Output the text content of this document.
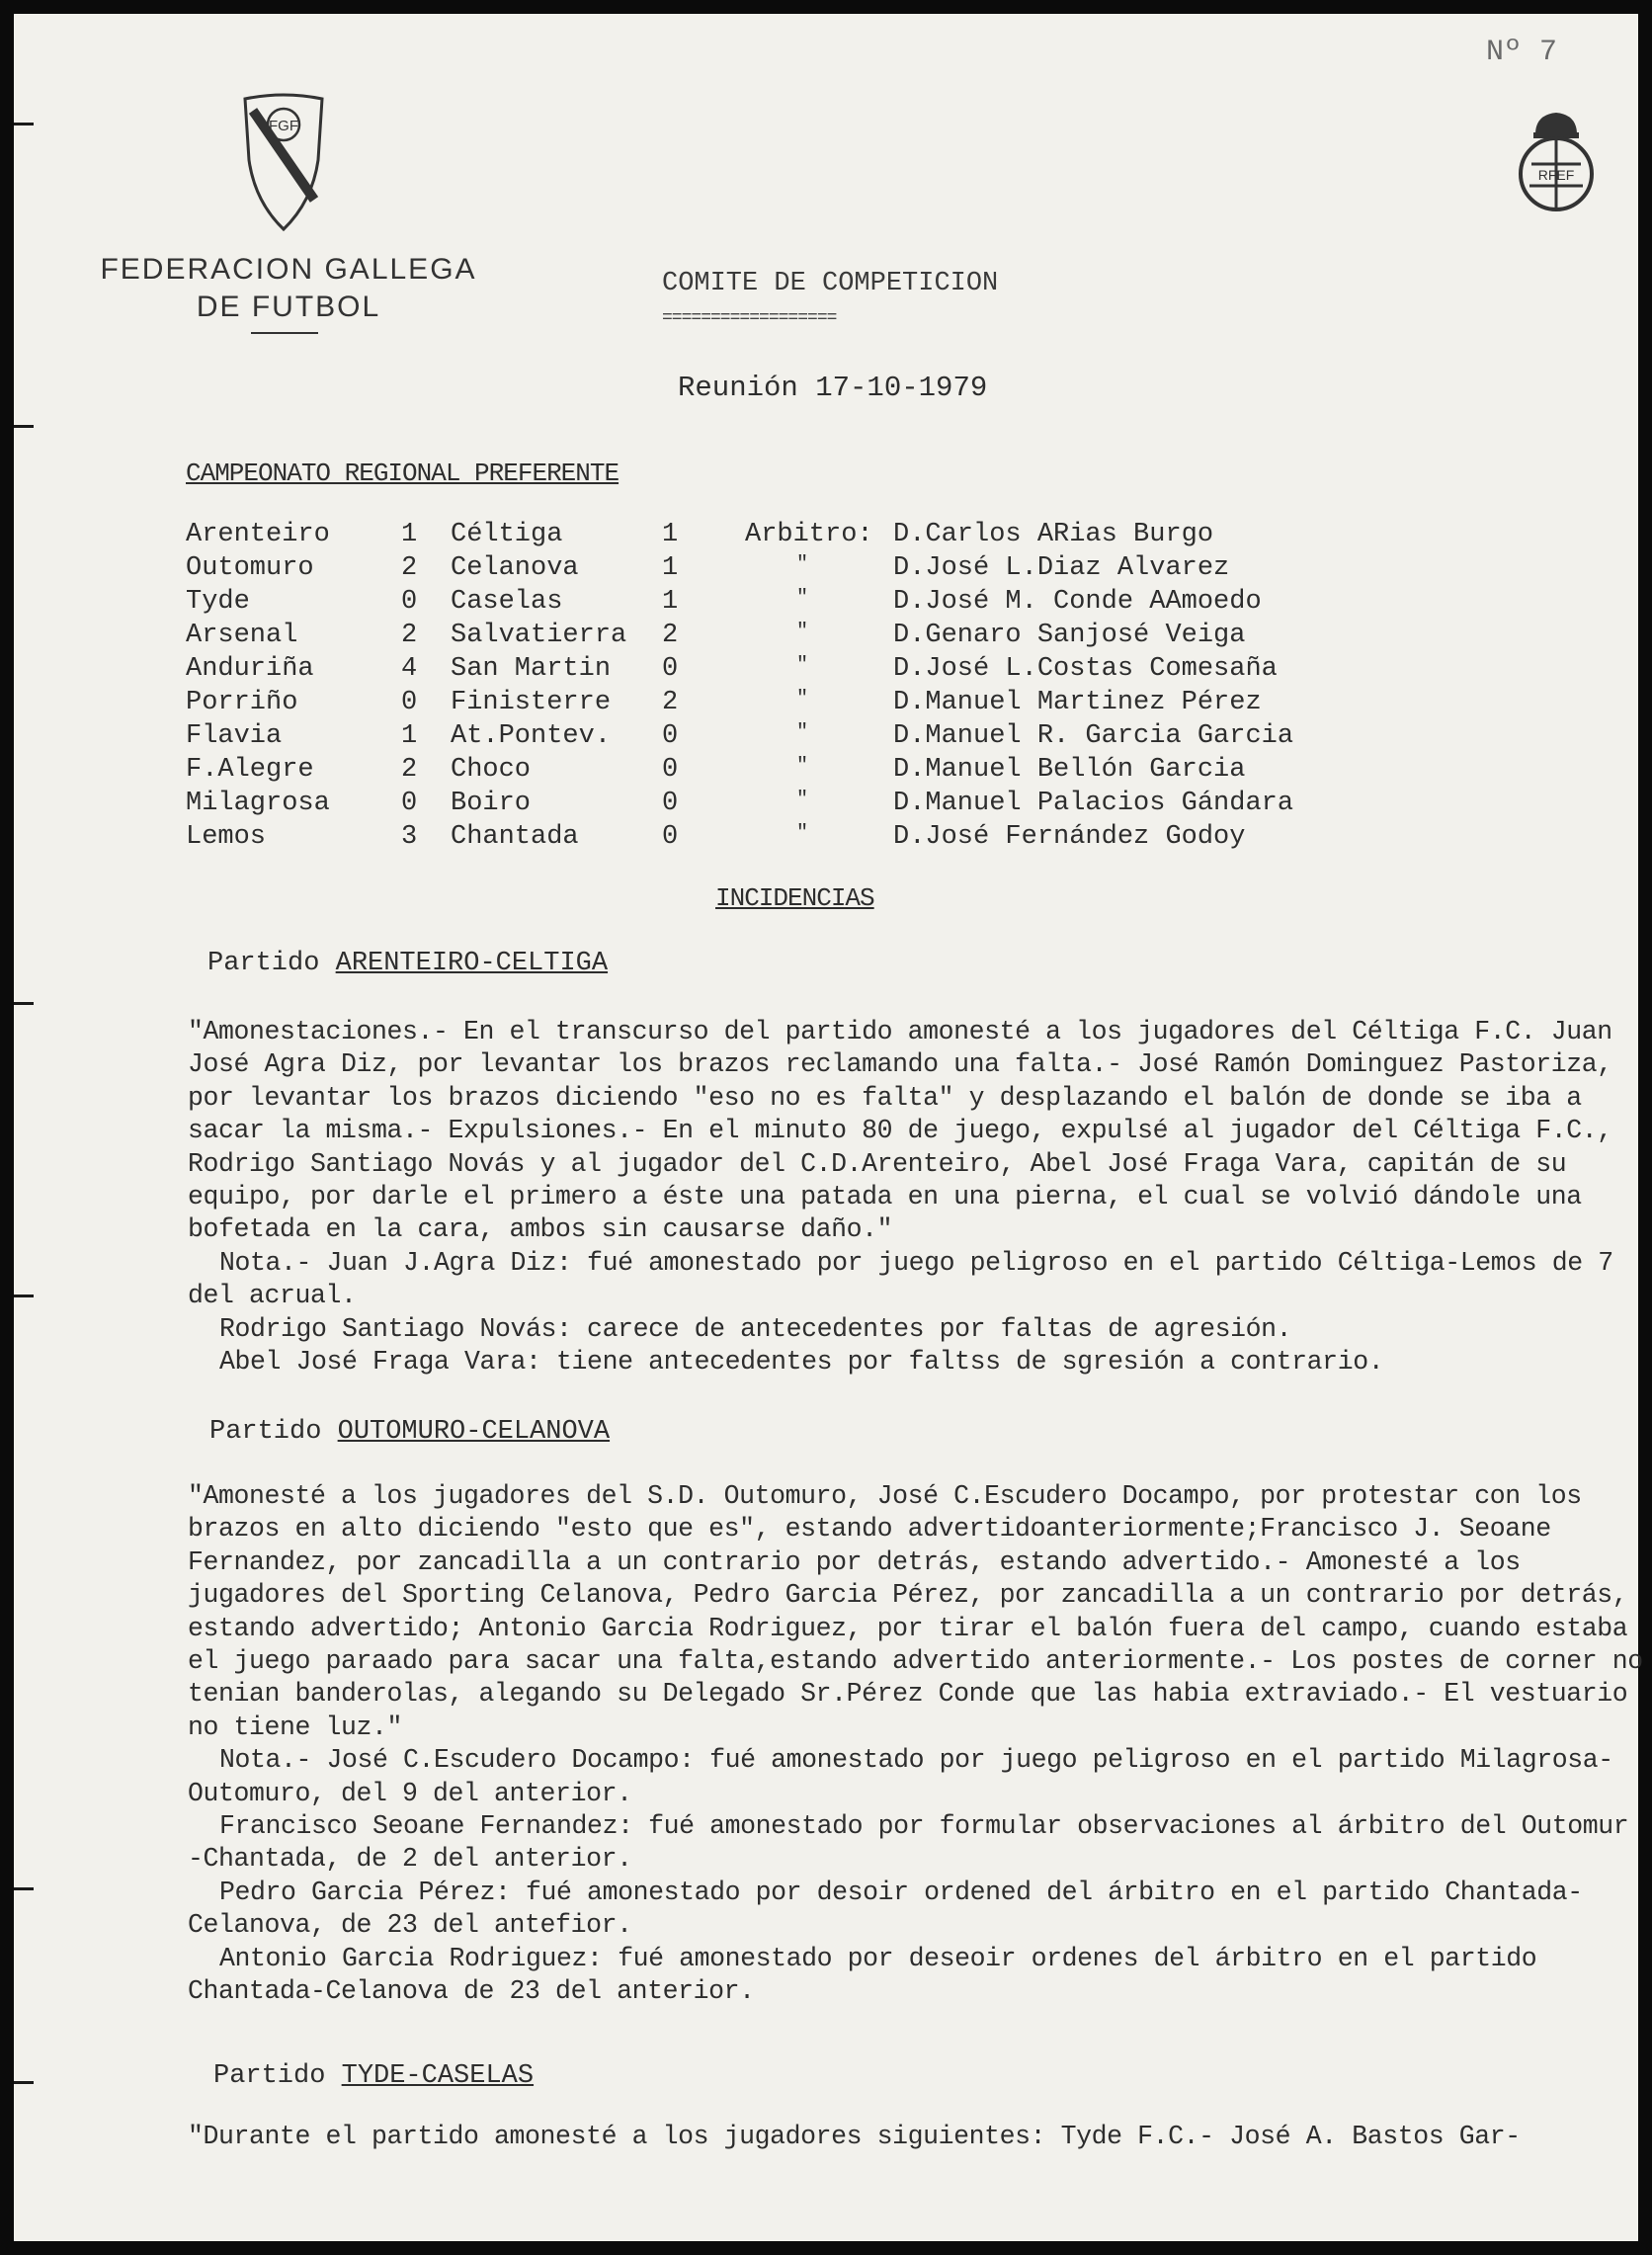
Nº 7
FGF
FEDERACION GALLEGA
DE FUTBOL
RFEF
COMITE DE COMPETICION
==================
Reunión 17-10-1979
CAMPEONATO REGIONAL PREFERENTE
Arenteiro	1 Céltiga	1	Arbitro: D.Carlos ARias Burgo
Outomuro	2 Celanova	1	"	D.José L.Diaz Alvarez
Tyde	0 Caselas	1	"	D.José M. Conde AAmoedo
Arsenal	2 Salvatierra 2	"	D.Genaro Sanjosé Veiga
Anduriña	4 San Martin 0	"	D.José L.Costas Comesaña
Porriño	0 Finisterre 2	"	D.Manuel Martinez Pérez
Flavia	1 At.Pontev. 0	"	D.Manuel R. Garcia Garcia
F.Alegre	2 Choco	0	"	D.Manuel Bellón Garcia
Milagrosa	0 Boiro	0	"	D.Manuel Palacios Gándara
Lemos	3 Chantada	0	"	D.José Fernández Godoy
INCIDENCIAS
Partido ARENTEIRO-CELTIGA

"Amonestaciones.- En el transcurso del partido amonesté a los jugadores del Céltiga F.C. Juan José Agra Diz, por levantar los brazos reclamando una falta.- José Ramón Dominguez Pastoriza, por levantar los brazos diciendo "eso no es falta" y desplazando el balón de donde se iba a sacar la misma.- Expulsiones.- En el minuto 80 de juego, expulsé al jugador del Céltiga F.C., Rodrigo Santiago Novás y al jugador del C.D.Arenteiro, Abel José Fraga Vara, capitán de su equipo, por darle el primero a éste una patada en una pierna, el cual se volvió dándole una bofetada en la cara, ambos sin causarse daño."

Nota.- Juan J.Agra Diz: fué amonestado por juego peligroso en el partido Céltiga-Lemos de 7 del acrual.

Rodrigo Santiago Novás: carece de antecedentes por faltas de agresión.

Abel José Fraga Vara: tiene antecedentes por faltss de sgresión a contrario.

Partido OUTOMURO-CELANOVA

"Amonesté a los jugadores del S.D. Outomuro, José C.Escudero Docampo, por protestar con los brazos en alto diciendo "esto que es", estando advertidoanteriormente;Francisco J. Seoane Fernandez, por zancadilla a un contrario por detrás, estando advertido.- Amonesté a los jugadores del Sporting Celanova, Pedro Garcia Pérez, por zancadilla a un contrario por detrás, estando advertido; Antonio Garcia Rodriguez, por tirar el balón fuera del campo, cuando estaba el juego paraado para sacar una falta,estando advertido anteriormente.- Los postes de corner no tenian banderolas, alegando su Delegado Sr.Pérez Conde que las habia extraviado.- El vestuario no tiene luz."

Nota.- José C.Escudero Docampo: fué amonestado por juego peligroso en el partido Milagrosa-Outomuro, del 9 del anterior.

Francisco Seoane Fernandez: fué amonestado por formular observaciones al árbitro del Outomur -Chantada, de 2 del anterior.

Pedro Garcia Pérez: fué amonestado por desoir ordened del árbitro en el partido Chantada-Celanova, de 23 del antefior.

Antonio Garcia Rodriguez: fué amonestado por deseoir ordenes del árbitro en el partido Chantada-Celanova de 23 del anterior.

Partido TYDE-CASELAS

"Durante el partido amonesté a los jugadores siguientes: Tyde F.C.- José A. Bastos Gar-
